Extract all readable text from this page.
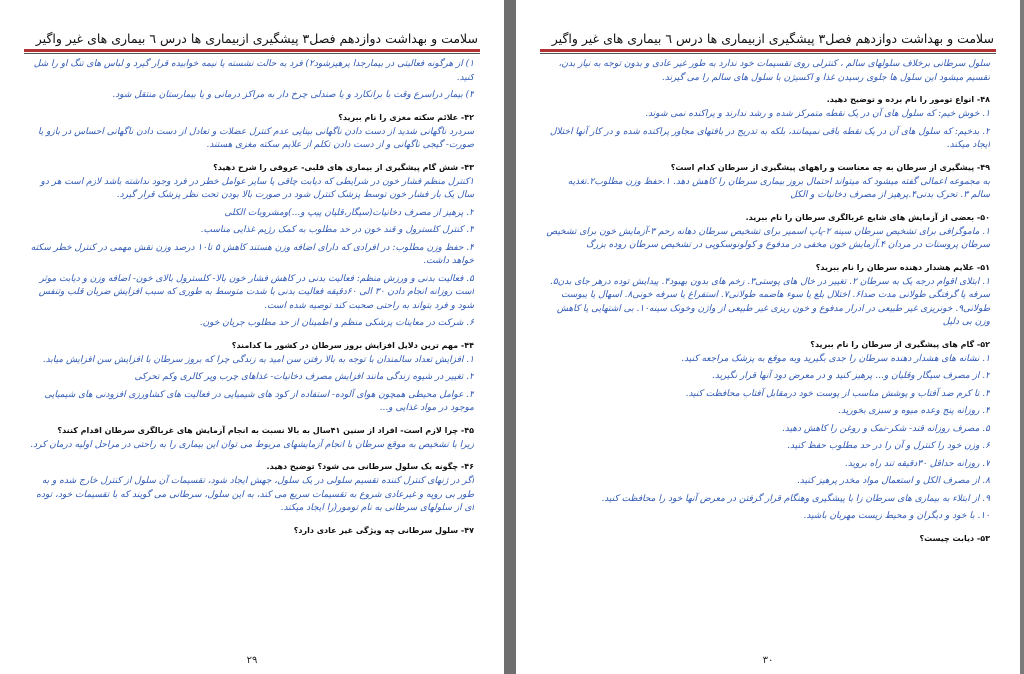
سلامت و بهداشت دوازدهم فصل۳ پیشگیری ازبیماری ها درس ٦ بیماری های غیر واگیر

۱) از هرگونه فعالیتی در بیمارجدا پرهیزشود۲) فرد به حالت نشسته یا نیمه خوابیده قرار گیرد و لباس های تنگ او را شل کنید.

۳) بیمار دراسرع وقت با برانکارد و یا صندلی چرخ دار به مراکز درمانی و یا بیمارستان منتقل شود.

۴۲- علائم سکته مغزی را نام ببرید؟

سردرد ناگهانی شدید از دست دادن ناگهانی بینایی عدم کنترل عضلات و تعادل از دست دادن ناگهانی احساس در بازو یا صورت- گیجی ناگهانی و از دست دادن تکلم از علایم سکته مغزی هستند.

۴۳- شش گام پیشگیری از بیماری های قلبی- عروقی را شرح دهید؟

۱کنترل منظم فشار خون در شرایطی که دیابت چاقی یا سایر عوامل خطر در فرد وجود نداشته باشد لازم است هر دو سال یک بار فشار خون توسط پزشک کنترل شود در صورت بالا بودن تحت نظر پزشک قرار گیرد.

۲. پرهیز از مصرف دخانیات(سیگار،قلیان پیپ و...)ومشروبات الکلی

۳. کنترل کلسترول و قند خون در حد مطلوب به کمک رژیم غذایی مناسب.

۴. حفظ وزن مطلوب: در افرادی که دارای اضافه وزن هستند کاهش ۵ تا۱۰ درصد وزن نقش مهمی در کنترل خطر سکته خواهد داشت.

۵. فعالیت بدنی و ورزش منظم: فعالیت بدنی در کاهش فشار خون بالا- کلسترول بالای خون- اضافه وزن و دیابت موثر است روزانه انجام دادن ۳۰ الی ۶۰دقیقه فعالیت بدنی با شدت متوسط به طوری که سبب افزایش ضربان قلب وتنفس شود و فرد بتواند به راحتی صحبت کند توصیه شده است.

۶. شرکت در معاینات پزشکی منظم و اطمینان از حد مطلوب جریان خون.

۴۴- مهم ترین دلایل افزایش بروز سرطان در کشور ما کدامند؟

۱. افزایش تعداد سالمندان با توجه به بالا رفتن سن امید به زندگی چرا که بروز سرطان با افزایش سن افزایش میابد.

۲. تغییر در شیوه زندگی مانند افزایش مصرف دخانیات- غذاهای چرب وپر کالری وکم تحرکی

۳. عوامل محیطی همچون هوای آلوده- استفاده از کود های شیمیایی در فعالیت های کشاورزی افزودنی های شیمیایی موجود در مواد غذایی و...

۴۵- چرا لازم است- افراد از سنین ۴۱سال به بالا نسبت به انجام آزمایش های غربالگری سرطان اقدام کنند؟

زیرا با تشخیص به موقع سرطان با انجام آزمایشهای مربوط می توان این بیماری را به راحتی در مراحل اولیه درمان کرد.

۴۶- چگونه یک سلول سرطانی می شود؟ توضیح دهید.

اگر در ژنهای کنترل کننده تقسیم سلولی در یک سلول، جهش ایجاد شود، تقسیمات آن سلول از کنترل خارج شده و به طور بی رویه و غیرعادی شروع به تقسیمات سریع می کند، به این سلول، سرطانی می گویند که با تقسیمات خود، توده ای از سلولهای سرطانی به نام تومور(را ایجاد میکند.

۴۷- سلول سرطانی چه ویژگی غیر عادی دارد؟

٢٩
سلامت و بهداشت دوازدهم فصل۳ پیشگیری ازبیماری ها درس ٦ بیماری های غیر واگیر

سلول سرطانی برخلاف سلولهای سالم ، کنترلی روی تقسیمات خود ندارد به طور غیر عادی و بدون توجه به نیاز بدن، تقسیم میشود این سلول ها جلوی رسیدن غذا و اکسیژن با سلول های سالم را می گیرند.

۴۸- انواع تومور را نام برده و توضیح دهید.

۱. خوش خیم: که سلول های آن در یک نقطه متمرکز شده و رشد ندارند و پراکنده نمی شوند.

۲. بدخیم: که سلول های آن در یک نقطه باقی نمیمانند، بلکه به تدریج در بافتهای مجاور پراکنده شده و در کار آنها اختلال ایجاد میکند.

۴۹- پیشگیری از سرطان به چه معناست و راههای پیشگیری از سرطان کدام است؟

به مجموعه اعمالی گفته میشود که میتواند احتمال بروز بیماری سرطان را کاهش دهد. ۱.حفظ وزن مطلوب۲.تغذیه سالم ۳. تحرک بدنی۴.پرهیز از مصرف دخانیات و الکل

۵۰- بعضی از آزمایش های شایع غربالگری سرطان را نام ببرید.

۱. ماموگرافی برای تشخیص سرطان سینه ۲-پاپ اسمیر برای تشخیص سرطان دهانه رحم ۳-آزمایش خون برای تشخیص سرطان پروستات در مردان ۴.آزمایش خون مخفی در مدفوع و کولونوسکوپی در تشخیص سرطان روده بزرگ

۵۱- علایم هشدار دهنده سرطان را نام ببرید؟

۱. ابتلای اقوام درجه یک به سرطان ۲. تغییر در خال های پوستی۳. زخم های بدون بهبود۴. پیدایش توده درهر جای بدن۵. سرفه یا گرفتگی طولانی مدت صدا۶. اختلال بلع یا سوء هاضمه طولانی۷. استفراغ یا سرفه خونی۸. اسهال یا یبوست طولانی۹. خونریزی غیر طبیعی در ادرار مدفوع و خون ریزی غیر طبیعی از واژن وخونک سینه۱۰. بی اشتهایی یا کاهش وزن بی دلیل

۵۲- گام های پیشگیری از سرطان را نام ببرید؟

۱. نشانه های هشدار دهنده سرطان را جدی بگیرید وبه موقع به پزشک مراجعه کنید.

۲. از مصرف سیگار وقلیان و... پرهیز کنید و در معرض دود آنها قرار نگیرید.

۳. تا کرم ضد آفتاب و پوشش مناسب از پوست خود درمقابل آفتاب محافظت کنید.

۴. روزانه پنج وعده میوه و سبزی بخورید.

۵. مصرف روزانه قند- شکر-نمک و روغن را کاهش دهید.

۶. وزن خود را کنترل و آن را در حد مطلوب حفظ کنید.

۷. روزانه حداقل ۳۰دقیقه تند راه بروید.

۸. از مصرف الکل و استعمال مواد مخدر پرهیز کنید.

۹. از ابتلاء به بیماری های سرطان زا با پیشگیری وهنگام قرار گرفتن در معرض آنها خود را محافظت کنید.

۱۰. با خود و دیگران و محیط زیست مهربان باشید.

۵۳- دیابت چیست؟

٣٠
